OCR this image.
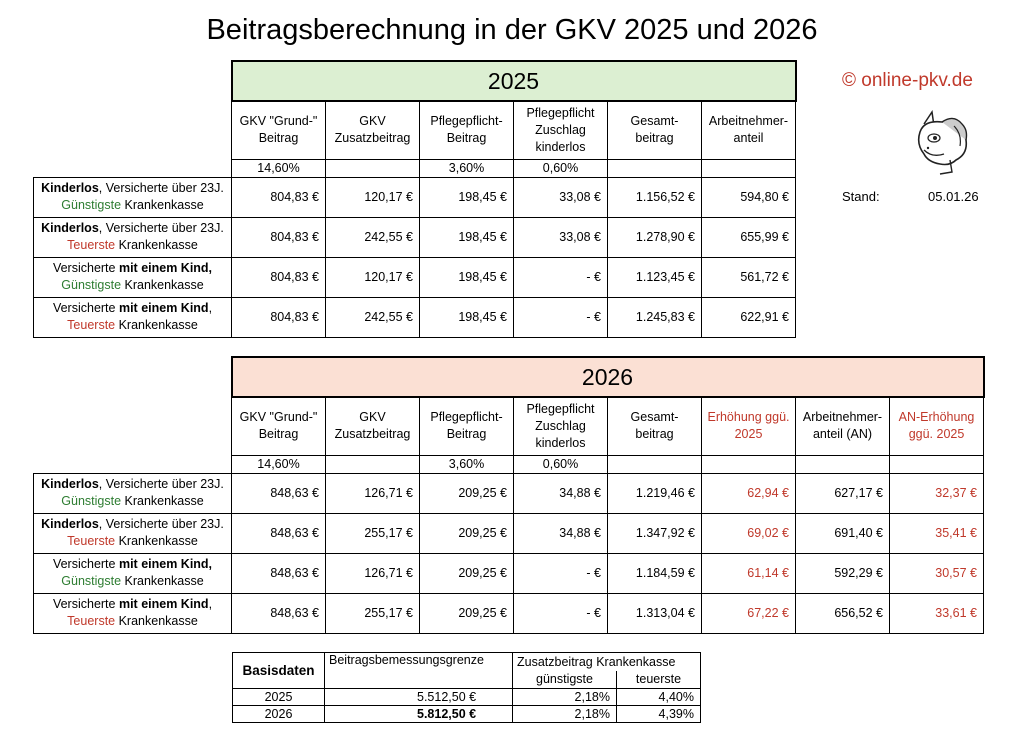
Beitragsberechnung in der GKV 2025 und 2026
© online-pkv.de
Stand:	05.01.26
	2025					
	GKV "Grund-" Beitrag	GKV Zusatzbeitrag	Pflegepflicht-Beitrag	Pflegepflicht Zuschlag kinderlos	Gesamt-beitrag	Arbeitnehmer-anteil
	14,60%		3,60%	0,60%		

Kinderlos, Versicherte über 23J.
Günstigste Krankenkasse	804,83 €	120,17 €	198,45 €	33,08 €	1.156,52 €	594,80 €

Kinderlos, Versicherte über 23J.
Teuerste Krankenkasse	804,83 €	242,55 €	198,45 €	33,08 €	1.278,90 €	655,99 €

Versicherte mit einem Kind,
Günstigste Krankenkasse	804,83 €	120,17 €	198,45 €	- €	1.123,45 €	561,72 €

Versicherte mit einem Kind,
Teuerste Krankenkasse	804,83 €	242,55 €	198,45 €	- €	1.245,83 €	622,91 €
	2026							
	GKV "Grund-" Beitrag	GKV Zusatzbeitrag	Pflegepflicht-Beitrag	Pflegepflicht Zuschlag kinderlos	Gesamt-beitrag	Erhöhung ggü. 2025	Arbeitnehmer-anteil (AN)	AN-Erhöhung ggü. 2025
	14,60%		3,60%	0,60%				

Kinderlos, Versicherte über 23J.
Günstigste Krankenkasse	848,63 €	126,71 €	209,25 €	34,88 €	1.219,46 €	62,94 €	627,17 €	32,37 €

Kinderlos, Versicherte über 23J.
Teuerste Krankenkasse	848,63 €	255,17 €	209,25 €	34,88 €	1.347,92 €	69,02 €	691,40 €	35,41 €

Versicherte mit einem Kind,
Günstigste Krankenkasse	848,63 €	126,71 €	209,25 €	- €	1.184,59 €	61,14 €	592,29 €	30,57 €

Versicherte mit einem Kind,
Teuerste Krankenkasse	848,63 €	255,17 €	209,25 €	- €	1.313,04 €	67,22 €	656,52 €	33,61 €
Basisdaten	Beitragsbemessungsgrenze	Zusatzbeitrag Krankenkasse	
		günstigste	teuerste
2025	5.512,50 €	2,18%	4,40%
2026	5.812,50 €	2,18%	4,39%
